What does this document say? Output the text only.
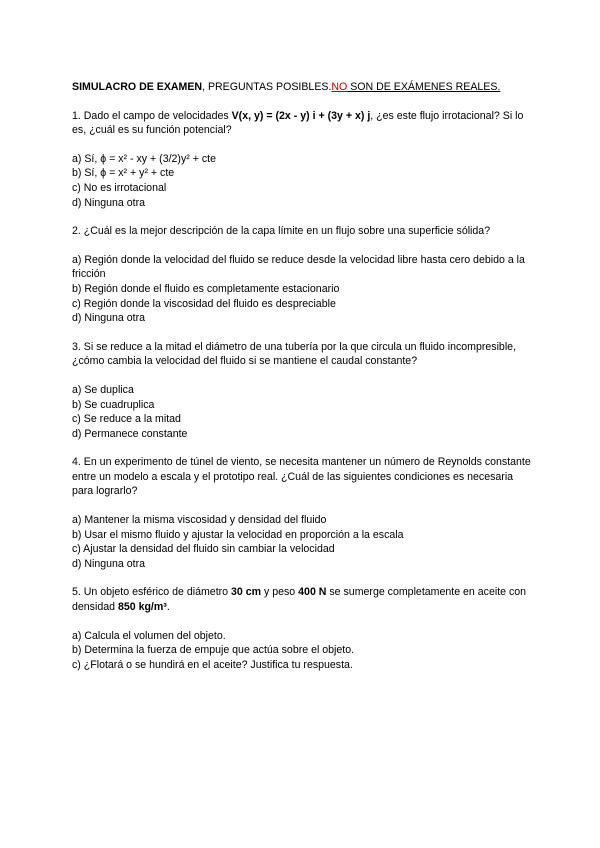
SIMULACRO DE EXAMEN, PREGUNTAS POSIBLES.NO SON DE EXÁMENES REALES.
1. Dado el campo de velocidades V(x, y) = (2x - y) i + (3y + x) j, ¿es este flujo irrotacional? Si lo es, ¿cuál es su función potencial?
a) Sí, ϕ = x² - xy + (3/2)y² + cte
b) Sí, ϕ = x² + y² + cte
c) No es irrotacional
d) Ninguna otra
2. ¿Cuál es la mejor descripción de la capa límite en un flujo sobre una superficie sólida?
a) Región donde la velocidad del fluido se reduce desde la velocidad libre hasta cero debido a la fricción
b) Región donde el fluido es completamente estacionario
c) Región donde la viscosidad del fluido es despreciable
d) Ninguna otra
3. Si se reduce a la mitad el diámetro de una tubería por la que circula un fluido incompresible, ¿cómo cambia la velocidad del fluido si se mantiene el caudal constante?
a) Se duplica
b) Se cuadruplica
c) Se reduce a la mitad
d) Permanece constante
4. En un experimento de túnel de viento, se necesita mantener un número de Reynolds constante entre un modelo a escala y el prototipo real. ¿Cuál de las siguientes condiciones es necesaria para lograrlo?
a) Mantener la misma viscosidad y densidad del fluido
b) Usar el mismo fluido y ajustar la velocidad en proporción a la escala
c) Ajustar la densidad del fluido sin cambiar la velocidad
d) Ninguna otra
5. Un objeto esférico de diámetro 30 cm y peso 400 N se sumerge completamente en aceite con densidad 850 kg/m³.
a) Calcula el volumen del objeto.
b) Determina la fuerza de empuje que actúa sobre el objeto.
c) ¿Flotará o se hundirá en el aceite? Justifica tu respuesta.
